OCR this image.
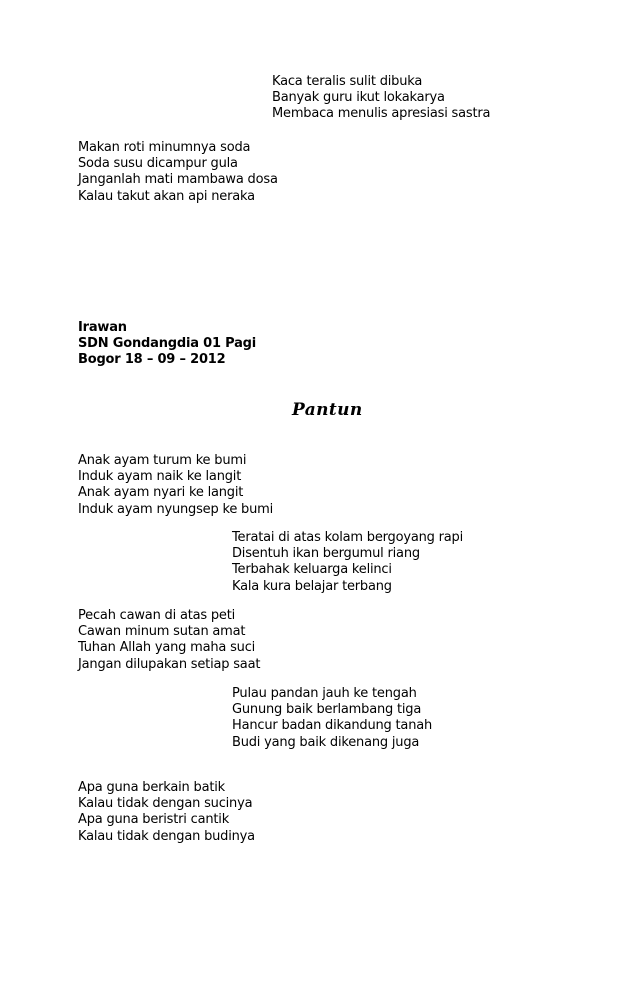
Kaca teralis sulit dibuka
Banyak guru ikut lokakarya
Membaca menulis apresiasi sastra
Makan roti minumnya soda
Soda susu dicampur gula
Janganlah mati mambawa dosa
Kalau takut akan api neraka
Irawan
SDN Gondangdia 01 Pagi
Bogor 18 – 09 – 2012
Pantun
Anak ayam turum ke bumi
Induk ayam naik ke langit
Anak ayam nyari ke langit
Induk ayam nyungsep ke bumi
Teratai di atas kolam bergoyang rapi
Disentuh ikan bergumul riang
Terbahak keluarga kelinci
Kala kura belajar terbang
Pecah cawan di atas peti
Cawan minum sutan amat
Tuhan Allah yang maha suci
Jangan dilupakan setiap saat
Pulau pandan jauh ke tengah
Gunung baik berlambang tiga
Hancur badan dikandung tanah
Budi yang baik dikenang juga
Apa guna berkain batik
Kalau tidak dengan sucinya
Apa guna beristri cantik
Kalau tidak dengan budinya
